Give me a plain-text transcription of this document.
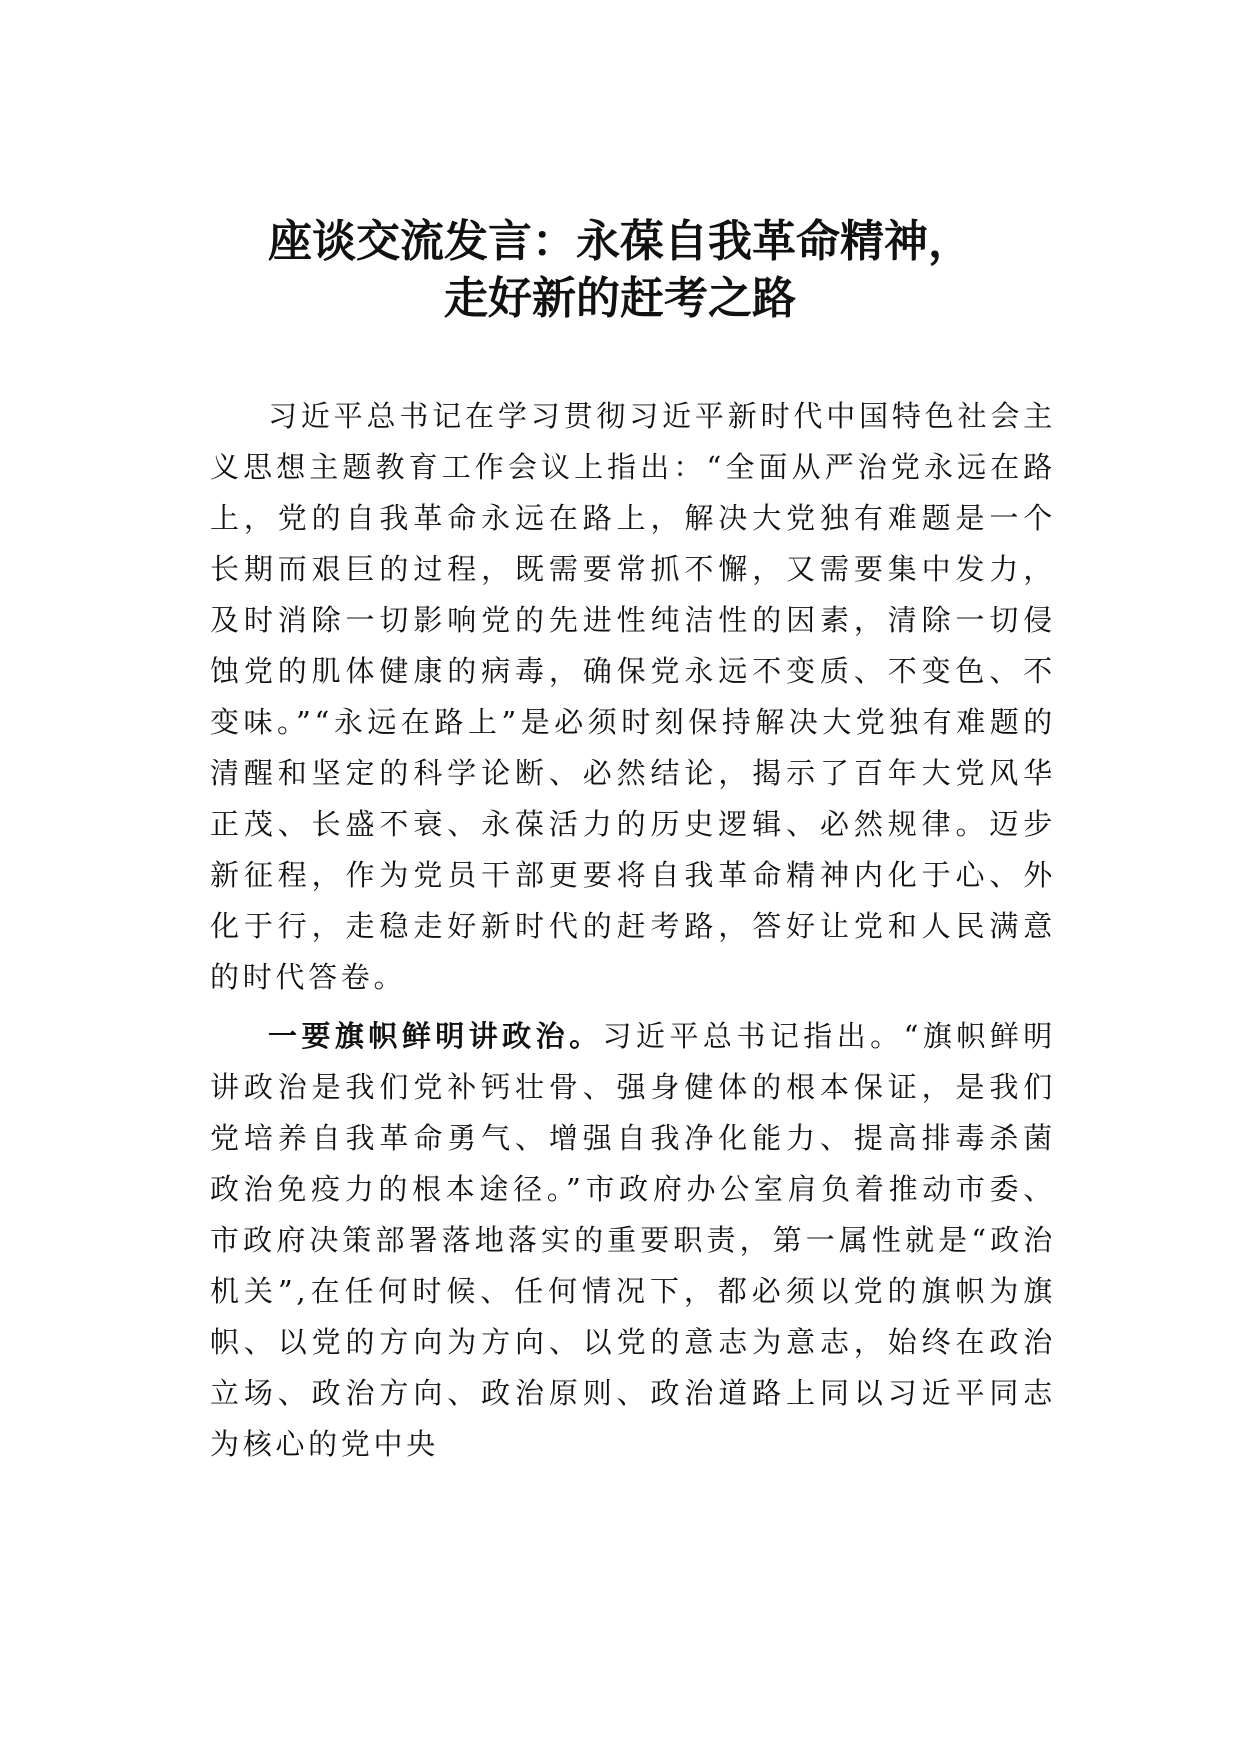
座谈交流发言：永葆自我革命精神，
走好新的赶考之路

习近平总书记在学习贯彻习近平新时代中国特色社会主义思想主题教育工作会议上指出：“全面从严治党永远在路上，党的自我革命永远在路上，解决大党独有难题是一个长期而艰巨的过程，既需要常抓不懈，又需要集中发力，及时消除一切影响党的先进性纯洁性的因素，清除一切侵蚀党的肌体健康的病毒，确保党永远不变质、不变色、不变味。”“永远在路上”是必须时刻保持解决大党独有难题的清醒和坚定的科学论断、必然结论，揭示了百年大党风华正茂、长盛不衰、永葆活力的历史逻辑、必然规律。迈步新征程，作为党员干部更要将自我革命精神内化于心、外化于行，走稳走好新时代的赶考路，答好让党和人民满意的时代答卷。

一要旗帜鲜明讲政治。习近平总书记指出。“旗帜鲜明讲政治是我们党补钙壮骨、强身健体的根本保证，是我们党培养自我革命勇气、增强自我净化能力、提高排毒杀菌政治免疫力的根本途径。”市政府办公室肩负着推动市委、市政府决策部署落地落实的重要职责，第一属性就是“政治机关”,在任何时候、任何情况下，都必须以党的旗帜为旗帜、以党的方向为方向、以党的意志为意志，始终在政治立场、政治方向、政治原则、政治道路上同以习近平同志为核心的党中央
